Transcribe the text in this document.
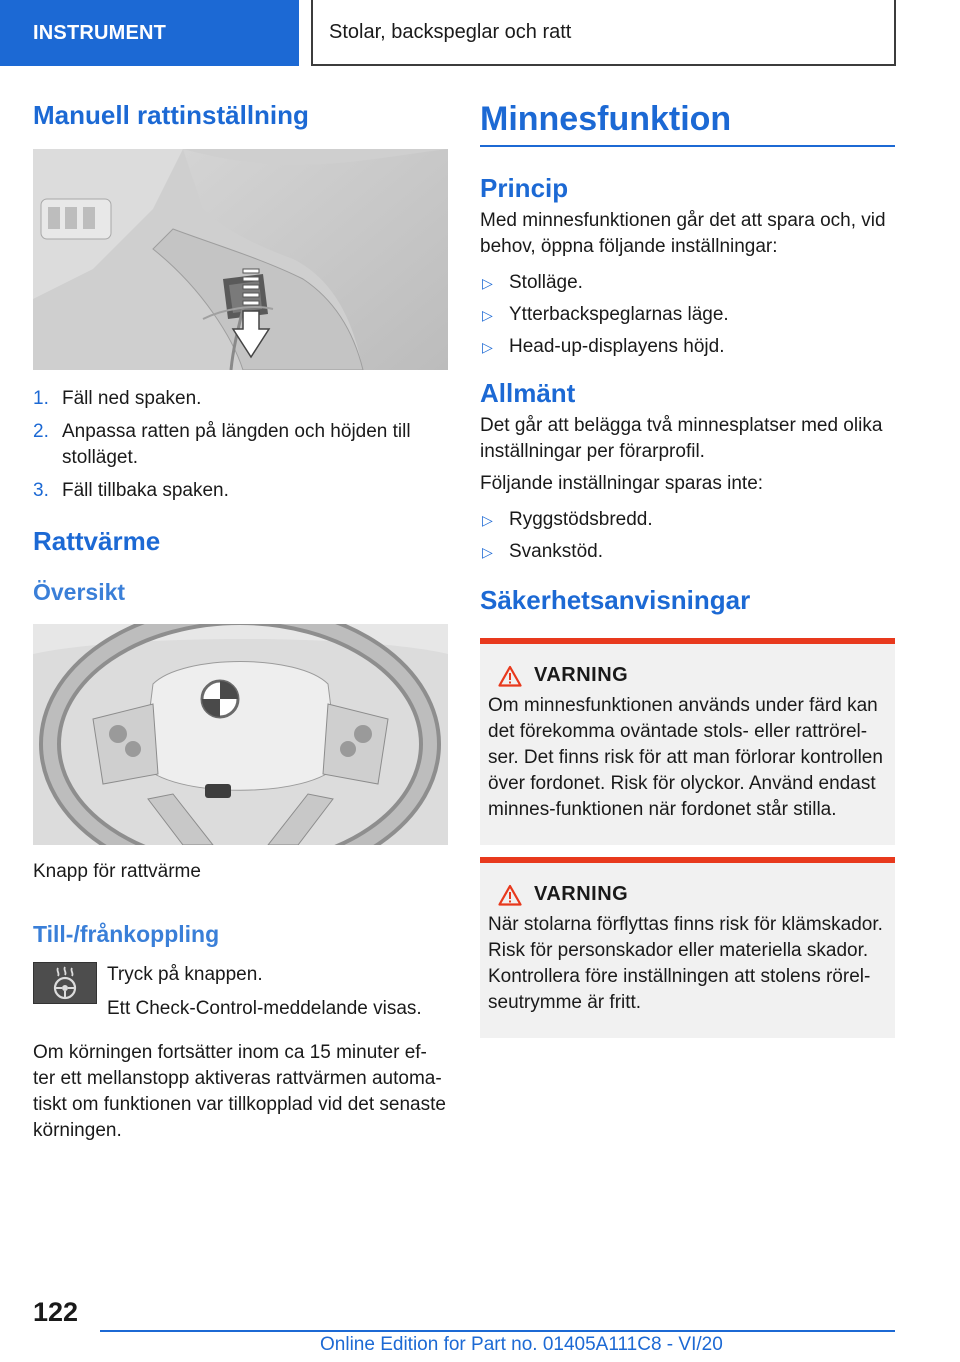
INSTRUMENT	Stolar, backspeglar och ratt
Manuell rattinställning
1. Fäll ned spaken.
2. Anpassa ratten på längden och höjden till stolläget.
3. Fäll tillbaka spaken.
Rattvärme
Översikt

Knapp för rattvärme

Till-/frånkoppling

Tryck på knappen.

Ett Check-Control-meddelande visas.

Om körningen fortsätter inom ca 15 minuter ef-ter ett mellanstopp aktiveras rattvärmen automa-tiskt om funktionen var tillkopplad vid det senaste körningen.

Minnesfunktion
Princip

Med minnesfunktionen går det att spara och, vid behov, öppna följande inställningar:

▷ Stolläge.
▷ Ytterbackspeglarnas läge.
▷ Head-up-displayens höjd.
Allmänt

Det går att belägga två minnesplatser med olika inställningar per förarprofil.

Följande inställningar sparas inte:

▷ Ryggstödsbredd.
▷ Svankstöd.
Säkerhetsanvisningar
VARNING

Om minnesfunktionen används under färd kan det förekomma oväntade stols- eller rattrörel-ser. Det finns risk för att man förlorar kontrollen över fordonet. Risk för olyckor. Använd endast minnes-funktionen när fordonet står stilla.

VARNING

När stolarna förflyttas finns risk för klämskador. Risk för personskador eller materiella skador. Kontrollera före inställningen att stolens rörel-seutrymme är fritt.

122
Online Edition for Part no. 01405A111C8 - VI/20
